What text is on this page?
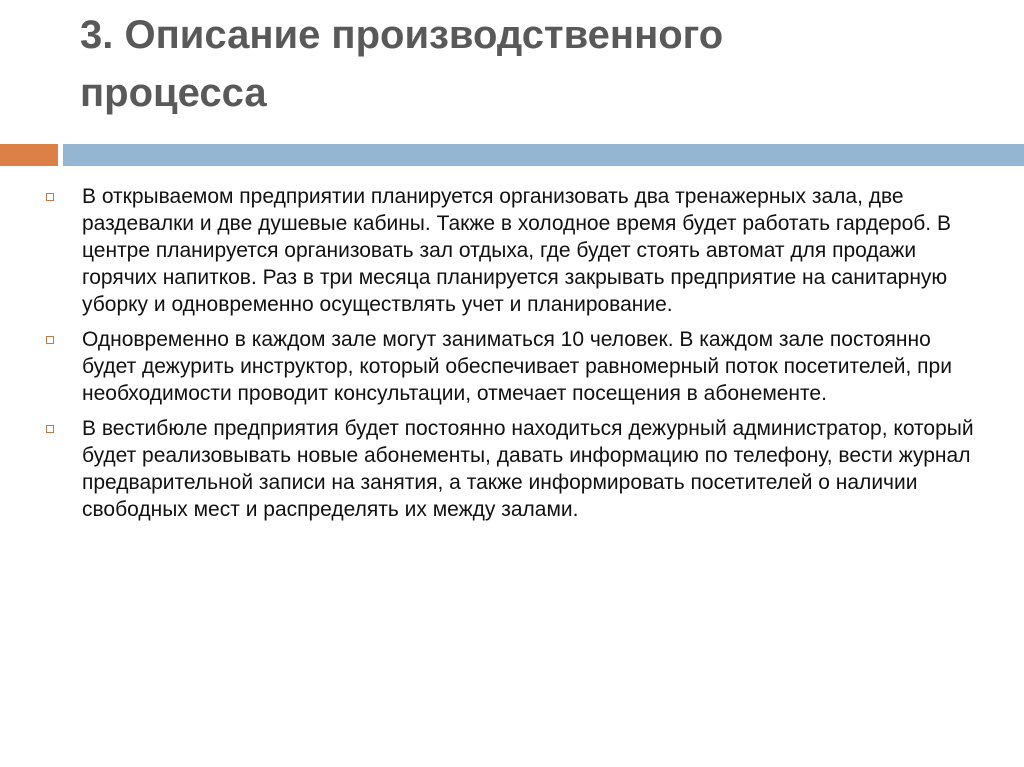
3. Описание производственного
процесса
В открываемом предприятии планируется организовать два тренажерных зала, две раздевалки и две душевые кабины. Также в холодное время будет работать гардероб. В центре планируется организовать зал отдыха, где будет стоять автомат для продажи горячих напитков. Раз в три месяца планируется закрывать предприятие на санитарную уборку и одновременно осуществлять учет и планирование.
Одновременно в каждом зале могут заниматься 10 человек. В каждом зале постоянно будет дежурить инструктор, который обеспечивает равномерный поток посетителей, при необходимости проводит консультации, отмечает посещения в абонементе.
В вестибюле предприятия будет постоянно находиться дежурный администратор, который будет реализовывать новые абонементы, давать информацию по телефону, вести журнал предварительной записи на занятия, а также информировать посетителей о наличии свободных мест и распределять их между залами.
